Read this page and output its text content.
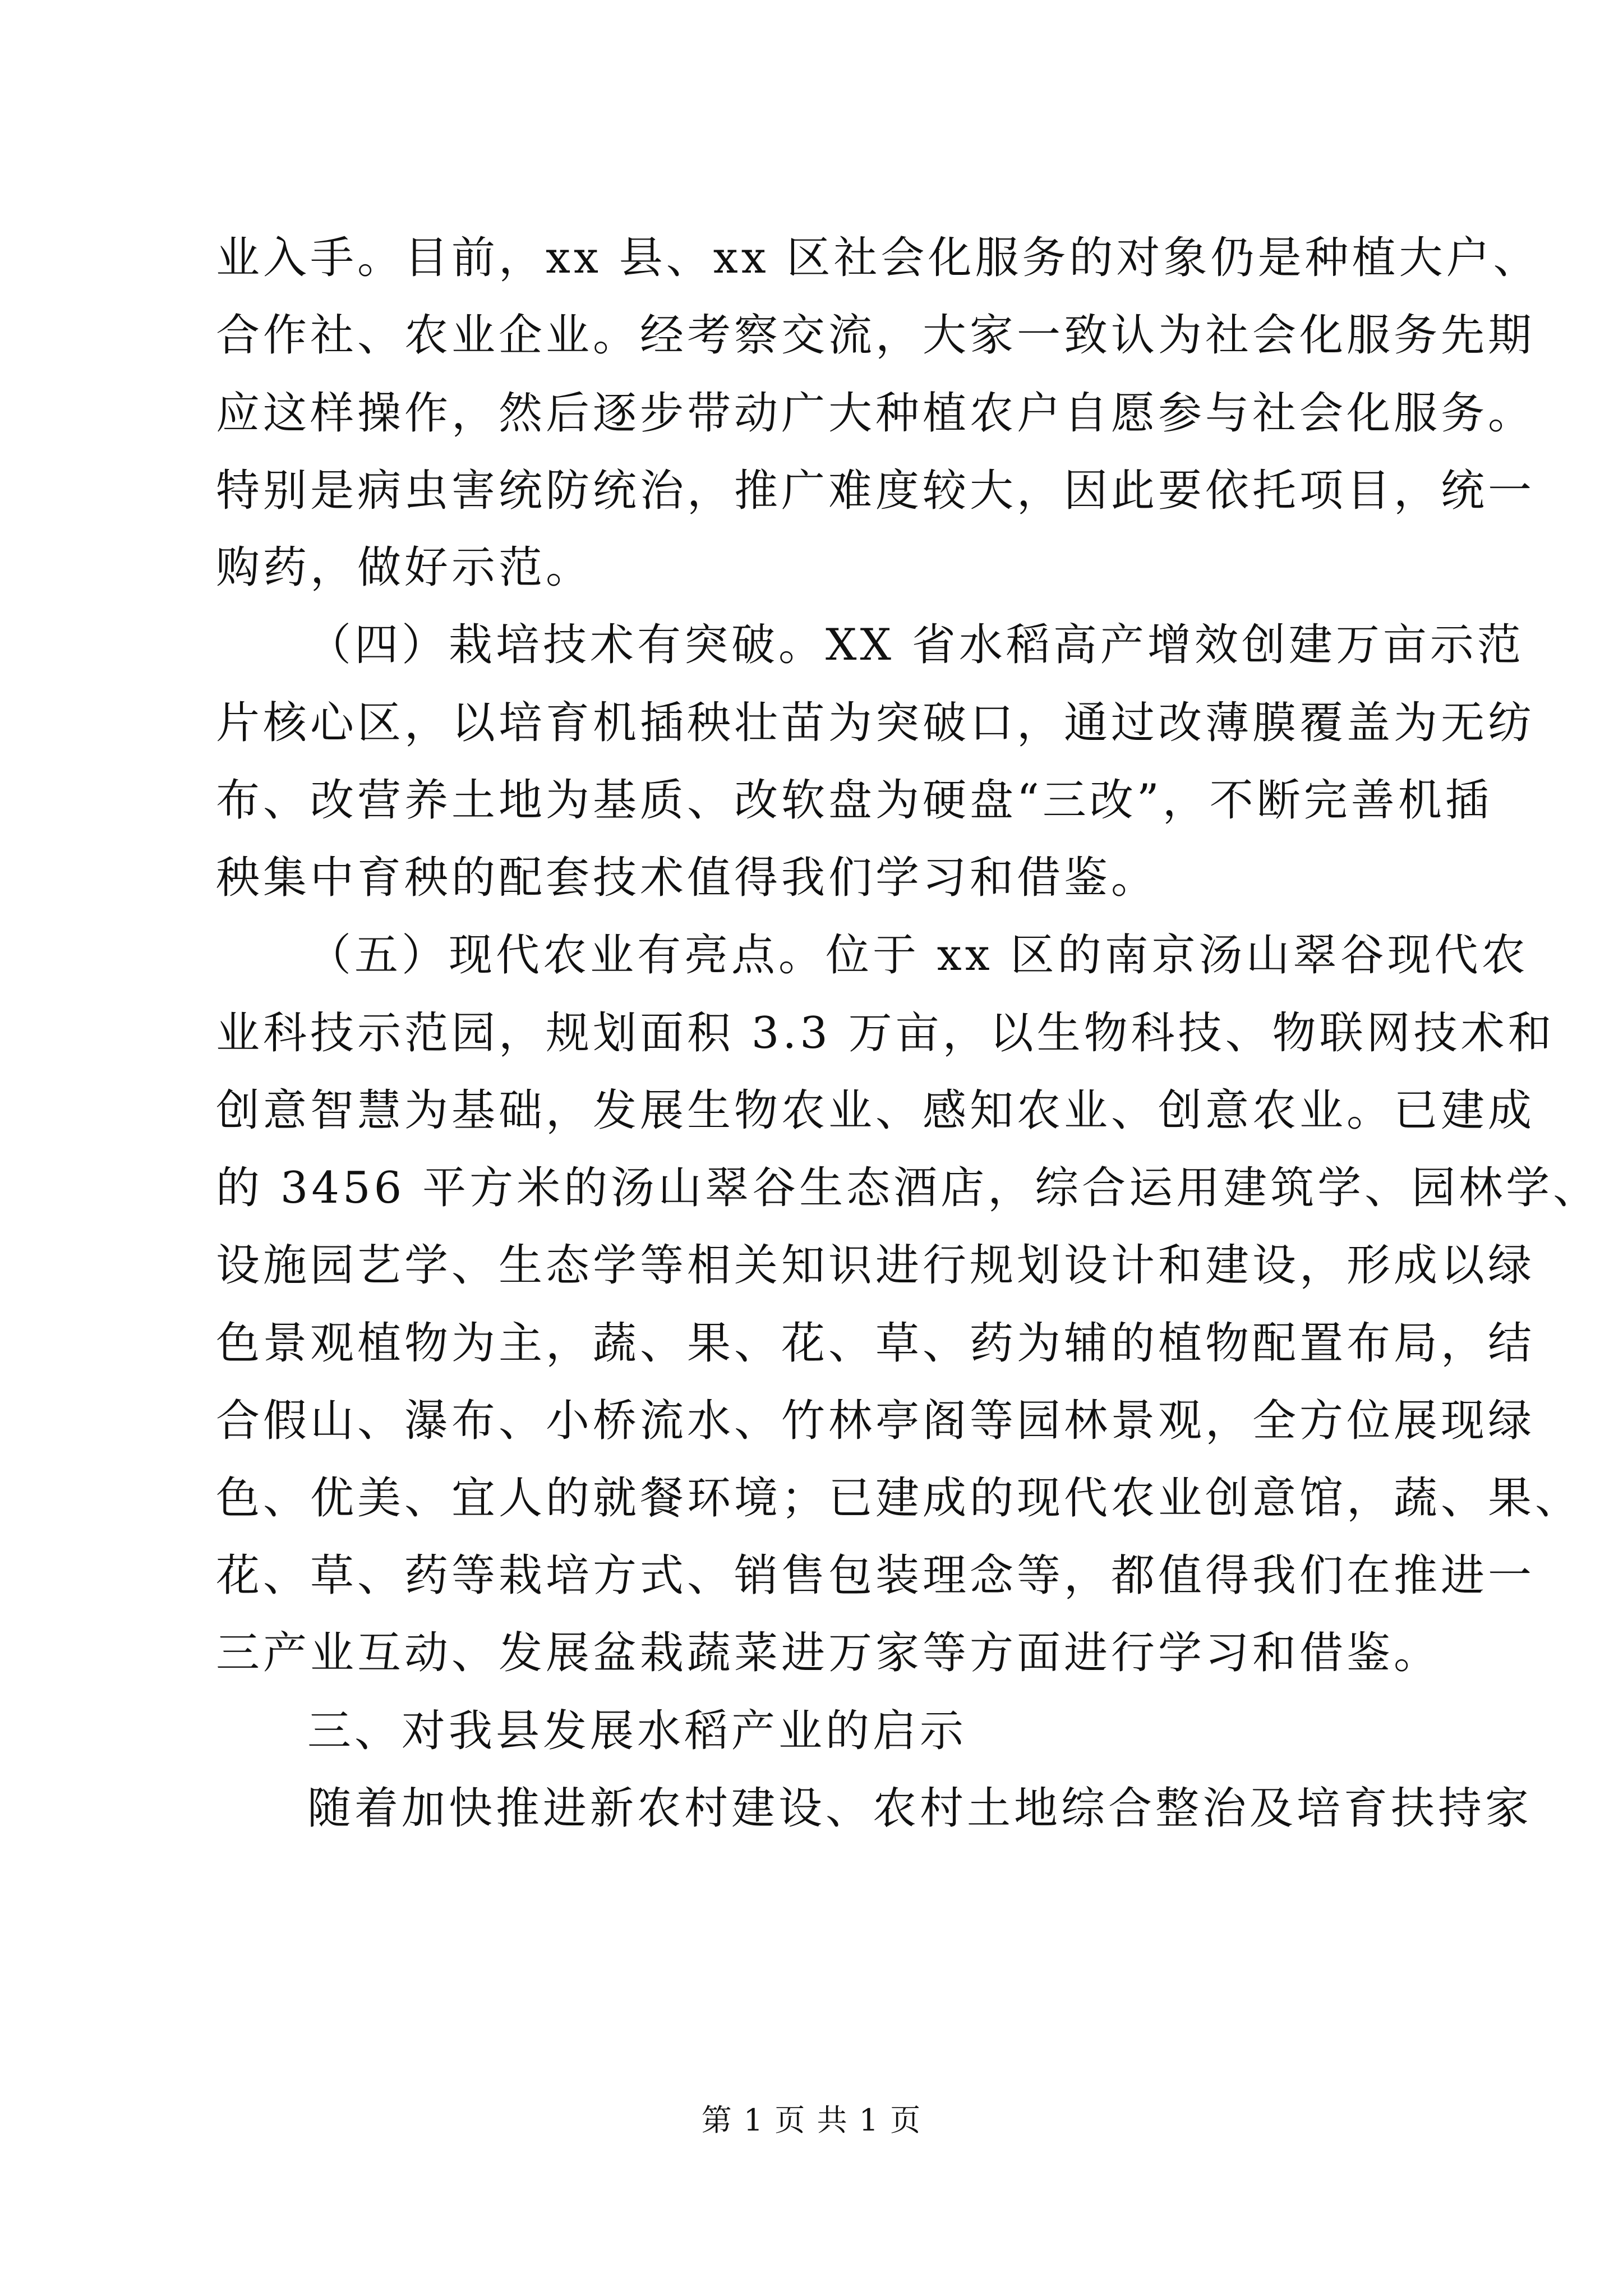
业入手。目前，xx 县、xx 区社会化服务的对象仍是种植大户、
合作社、农业企业。经考察交流，大家一致认为社会化服务先期
应这样操作，然后逐步带动广大种植农户自愿参与社会化服务。
特别是病虫害统防统治，推广难度较大，因此要依托项目，统一
购药，做好示范。
（四）栽培技术有突破。XX 省水稻高产增效创建万亩示范
片核心区，以培育机插秧壮苗为突破口，通过改薄膜覆盖为无纺
布、改营养土地为基质、改软盘为硬盘“三改”，不断完善机插
秧集中育秧的配套技术值得我们学习和借鉴。
（五）现代农业有亮点。位于 xx 区的南京汤山翠谷现代农
业科技示范园，规划面积 3.3 万亩，以生物科技、物联网技术和
创意智慧为基础，发展生物农业、感知农业、创意农业。已建成
的 3456 平方米的汤山翠谷生态酒店，综合运用建筑学、园林学、
设施园艺学、生态学等相关知识进行规划设计和建设，形成以绿
色景观植物为主，蔬、果、花、草、药为辅的植物配置布局，结
合假山、瀑布、小桥流水、竹林亭阁等园林景观，全方位展现绿
色、优美、宜人的就餐环境；已建成的现代农业创意馆，蔬、果、
花、草、药等栽培方式、销售包装理念等，都值得我们在推进一
三产业互动、发展盆栽蔬菜进万家等方面进行学习和借鉴。
三、对我县发展水稻产业的启示
随着加快推进新农村建设、农村土地综合整治及培育扶持家
第 1 页 共 1 页
